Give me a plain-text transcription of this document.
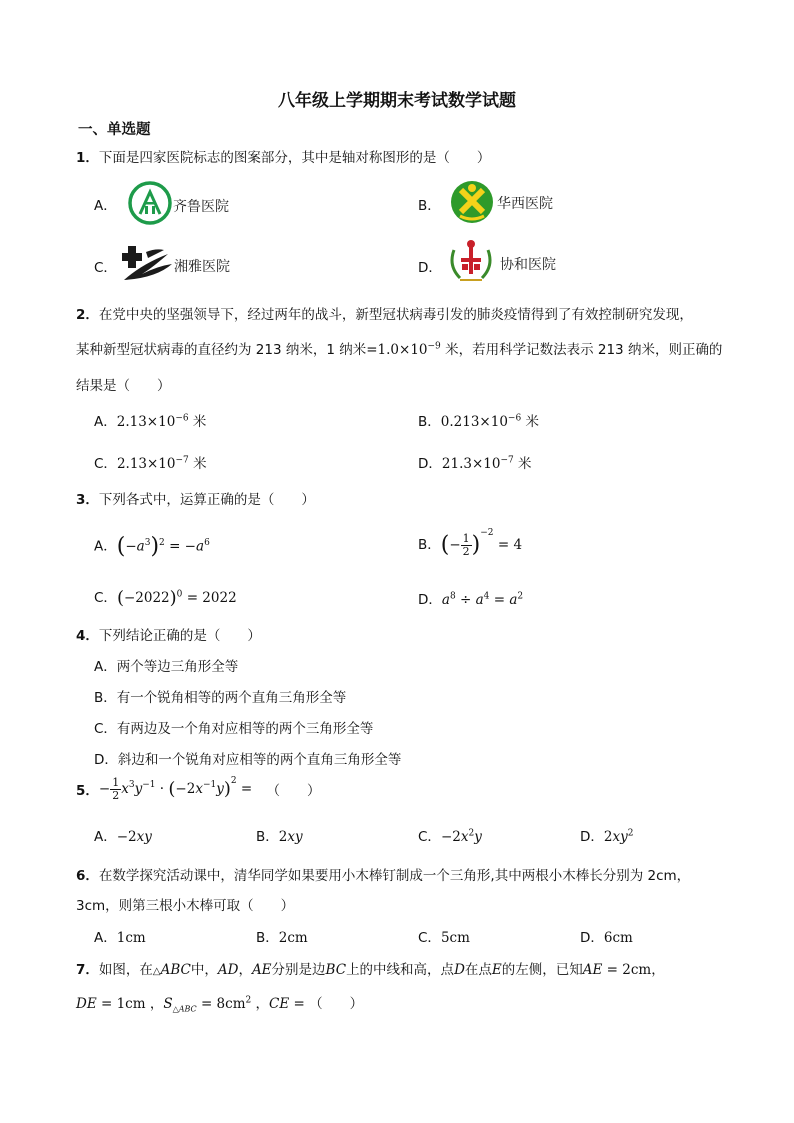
八年级上学期期末考试数学试题
一、单选题
1．下面是四家医院标志的图案部分，其中是轴对称图形的是（　　）
A．	齐鲁医院	B．	华西医院
C．	湘雅医院	D．	协和医院
2．在党中央的坚强领导下，经过两年的战斗，新型冠状病毒引发的肺炎疫情得到了有效控制研究发现，
某种新型冠状病毒的直径约为 213 纳米，1 纳米$=1.0\times 10^{-9}$ 米，若用科学记数法表示 213 纳米，则正确的
结果是（　　）
A．$2.13\times 10^{-6}$ 米	B．$0.213\times 10^{-6}$ 米
C．$2.13\times 10^{-7}$ 米	D．$21.3\times 10^{-7}$ 米
3．下列各式中，运算正确的是（　　）
A．$(-a^3)^2 = -a^6$	B．(− $\frac{1}{2} )^{-2} = 4$
C．$(-2022)^0 = 2022$	D．$a^8 \div a^4 = a^2$
4．下列结论正确的是（　　）
A．两个等边三角形全等
B．有一个锐角相等的两个直角三角形全等
C．有两边及一个角对应相等的两个三角形全等
D．斜边和一个锐角对应相等的两个直角三角形全等
5．− $\frac{1}{2} x^3y^{-1} \cdot (-2x^{-1}y)^2$ = （　　）
A．−2xy	B．2xy	C．$-2x^2y$	D．$2xy^2$
6．在数学探究活动课中，清华同学如果要用小木棒钉制成一个三角形,其中两根小木棒长分别为 2cm，
3cm，则第三根小木棒可取（　　）
A．1cm	B．2cm	C．5cm	D．6cm
7．如图，在△ABC中，AD，AE分别是边BC上的中线和高，点D在点E的左侧，已知AE = 2cm，
DE = 1cm ，$S_{\triangle ABC} = 8cm^2$ ，CE = （　　）
